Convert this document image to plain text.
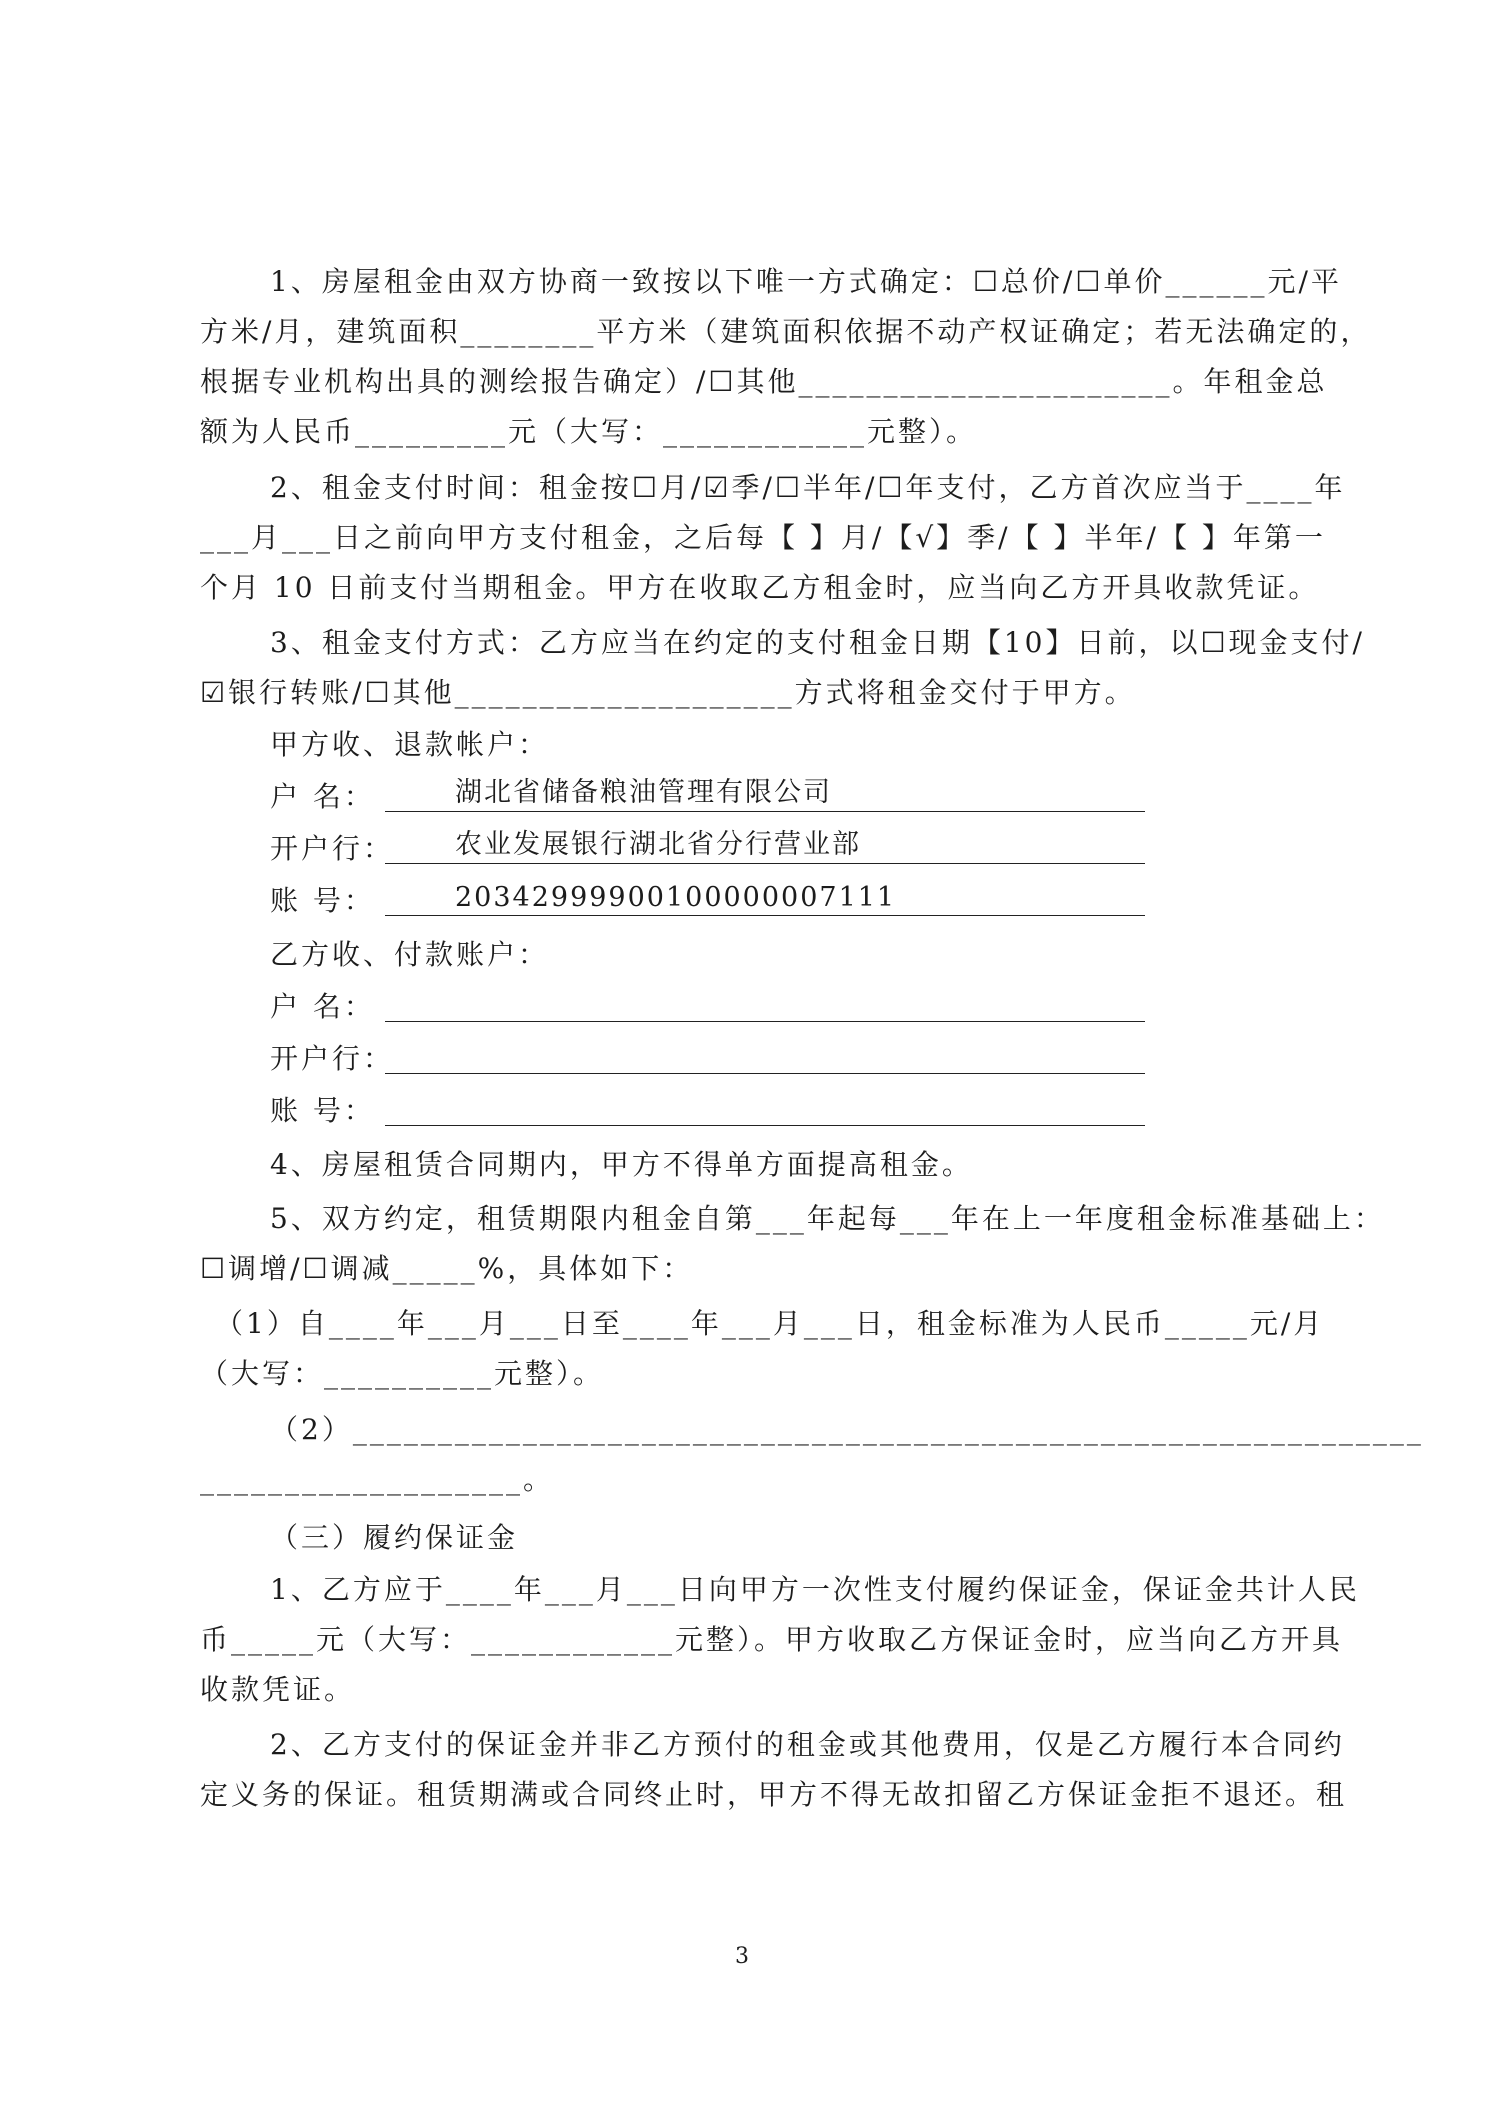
1、房屋租金由双方协商一致按以下唯一方式确定：☐总价/☐单价______元/平

方米/月，建筑面积________平方米（建筑面积依据不动产权证确定；若无法确定的，

根据专业机构出具的测绘报告确定）/☐其他______________________。年租金总

额为人民币_________元（大写：____________元整）。

2、租金支付时间：租金按☐月/☑季/☐半年/☐年支付，乙方首次应当于____年

___月___日之前向甲方支付租金，之后每【 】月/【√】季/【 】半年/【 】年第一

个月 10 日前支付当期租金。甲方在收取乙方租金时，应当向乙方开具收款凭证。

3、租金支付方式：乙方应当在约定的支付租金日期【10】日前，以☐现金支付/

☑银行转账/☐其他____________________方式将租金交付于甲方。

甲方收、退款帐户：

户 名：	湖北省储备粮油管理有限公司
开户行： 农业发展银行湖北省分行营业部
账 号：	20342999900100000007111

乙方收、付款账户：

户 名：
开户行：
账 号：

4、房屋租赁合同期内，甲方不得单方面提高租金。

5、双方约定，租赁期限内租金自第___年起每___年在上一年度租金标准基础上：

☐调增/☐调减_____%，具体如下：

（1）自____年___月___日至____年___月___日，租金标准为人民币_____元/月

（大写：__________元整）。

（2）_______________________________________________________________

___________________。

（三）履约保证金

1、乙方应于____年___月___日向甲方一次性支付履约保证金，保证金共计人民

币_____元（大写：____________元整）。甲方收取乙方保证金时，应当向乙方开具

收款凭证。

2、乙方支付的保证金并非乙方预付的租金或其他费用，仅是乙方履行本合同约

定义务的保证。租赁期满或合同终止时，甲方不得无故扣留乙方保证金拒不退还。租

3
